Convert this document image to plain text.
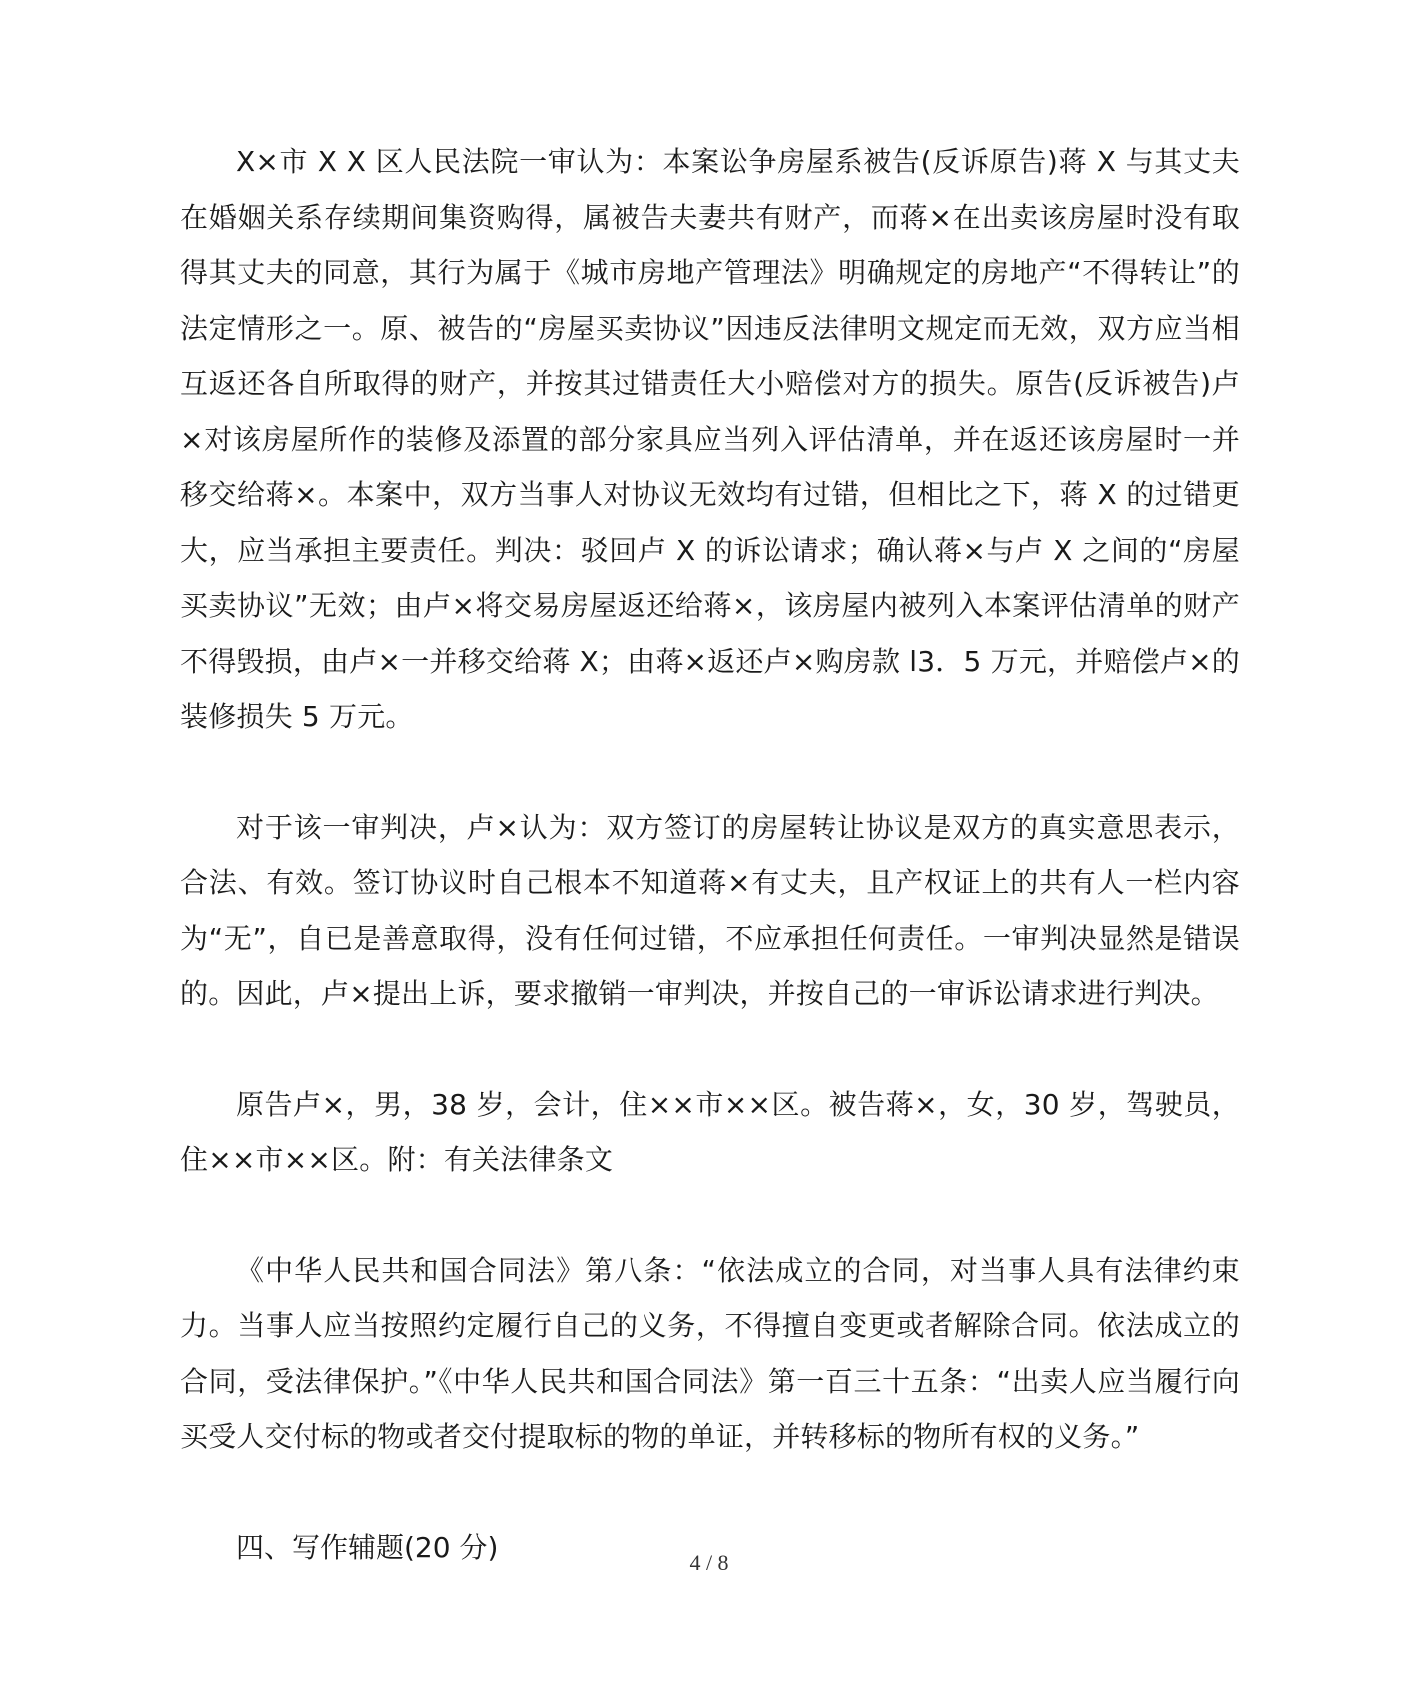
X×市 X X 区人民法院一审认为：本案讼争房屋系被告(反诉原告)蒋 X 与其丈夫在婚姻关系存续期间集资购得，属被告夫妻共有财产，而蒋×在出卖该房屋时没有取得其丈夫的同意，其行为属于《城市房地产管理法》明确规定的房地产“不得转让”的法定情形之一。原、被告的“房屋买卖协议”因违反法律明文规定而无效，双方应当相互返还各自所取得的财产，并按其过错责任大小赔偿对方的损失。原告(反诉被告)卢×对该房屋所作的装修及添置的部分家具应当列入评估清单，并在返还该房屋时一并移交给蒋×。本案中，双方当事人对协议无效均有过错，但相比之下，蒋 X 的过错更大，应当承担主要责任。判决：驳回卢 X 的诉讼请求；确认蒋×与卢 X 之间的“房屋买卖协议”无效；由卢×将交易房屋返还给蒋×，该房屋内被列入本案评估清单的财产不得毁损，由卢×一并移交给蒋 X；由蒋×返还卢×购房款 l3．5 万元，并赔偿卢×的装修损失 5 万元。

对于该一审判决，卢×认为：双方签订的房屋转让协议是双方的真实意思表示，合法、有效。签订协议时自己根本不知道蒋×有丈夫，且产权证上的共有人一栏内容为“无”，自已是善意取得，没有任何过错，不应承担任何责任。一审判决显然是错误的。因此，卢×提出上诉，要求撤销一审判决，并按自己的一审诉讼请求进行判决。

原告卢×，男，38 岁，会计，住××市××区。被告蒋×，女，30 岁，驾驶员，住××市××区。附：有关法律条文

《中华人民共和国合同法》第八条：“依法成立的合同，对当事人具有法律约束力。当事人应当按照约定履行自己的义务，不得擅自变更或者解除合同。依法成立的合同，受法律保护。”《中华人民共和国合同法》第一百三十五条：“出卖人应当履行向买受人交付标的物或者交付提取标的物的单证，并转移标的物所有权的义务。”

四、写作辅题(20 分)	4 / 8
